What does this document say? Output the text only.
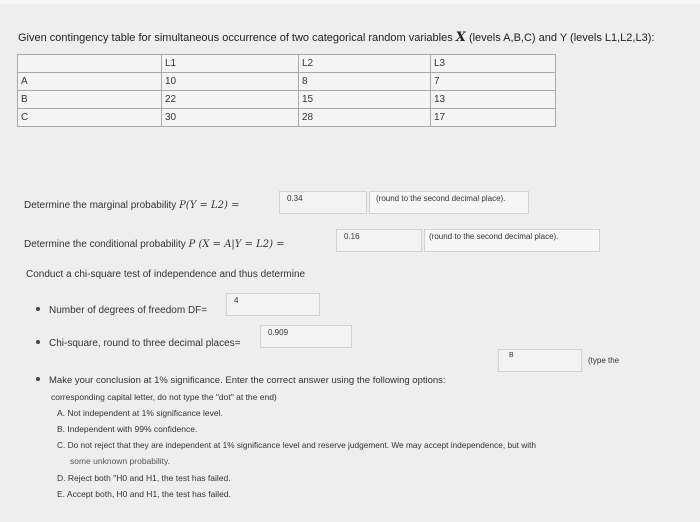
Given contingency table for simultaneous occurrence of two categorical random variables X (levels A,B,C) and Y (levels L1,L2,L3):
	L1	L2	L3
A	10	8	7
B	22	15	13
C	30	28	17
Determine the marginal probability P(Y = L2) =
0.34	(round to the second decimal place).
Determine the conditional probability P (X = A|Y = L2) =
0.16	(round to the second decimal place).
Conduct a chi-square test of independence and thus determine
Number of degrees of freedom DF=
4
Chi-square, round to three decimal places=
0.909
Make your conclusion at 1% significance. Enter the correct answer using the following options:
B
(type the
corresponding capital letter, do not type the "dot" at the end)
A. Not independent at 1% significance level.
B. Independent with 99% confidence.
C. Do not reject that they are independent at 1% significance level and reserve judgement. We may accept independence, but with
some unknown probability.
D. Reject both "H0 and H1, the test has failed.
E. Accept both, H0 and H1, the test has failed.
